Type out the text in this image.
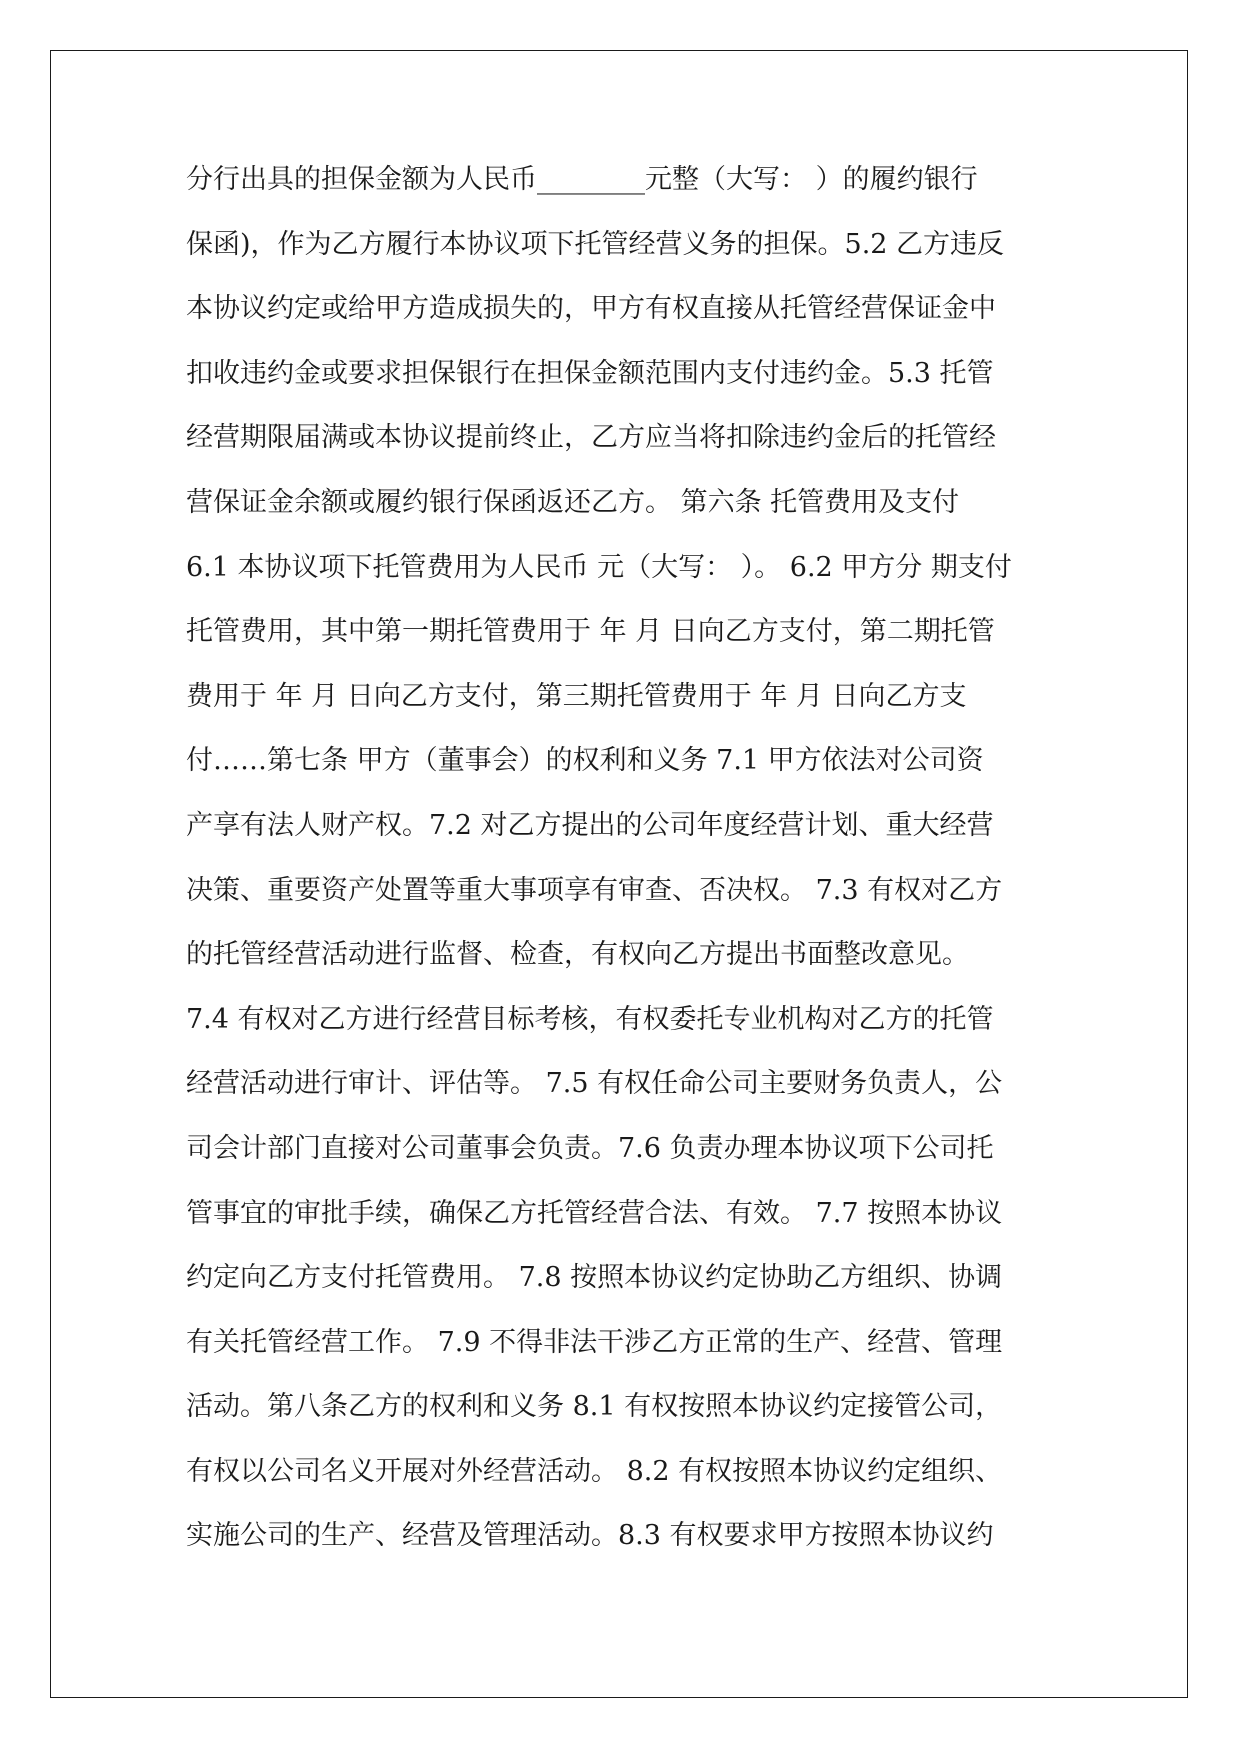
分行出具的担保金额为人民币________元整（大写： ）的履约银行
保函)，作为乙方履行本协议项下托管经营义务的担保。5.2 乙方违反
本协议约定或给甲方造成损失的，甲方有权直接从托管经营保证金中
扣收违约金或要求担保银行在担保金额范围内支付违约金。5.3 托管
经营期限届满或本协议提前终止，乙方应当将扣除违约金后的托管经
营保证金余额或履约银行保函返还乙方。 第六条 托管费用及支付
6.1 本协议项下托管费用为人民币 元（大写： ）。 6.2 甲方分 期支付
托管费用，其中第一期托管费用于 年 月 日向乙方支付，第二期托管
费用于 年 月 日向乙方支付，第三期托管费用于 年 月 日向乙方支
付……第七条 甲方（董事会）的权利和义务 7.1 甲方依法对公司资
产享有法人财产权。7.2 对乙方提出的公司年度经营计划、重大经营
决策、重要资产处置等重大事项享有审查、否决权。 7.3 有权对乙方
的托管经营活动进行监督、检查，有权向乙方提出书面整改意见。
7.4 有权对乙方进行经营目标考核，有权委托专业机构对乙方的托管
经营活动进行审计、评估等。 7.5 有权任命公司主要财务负责人，公
司会计部门直接对公司董事会负责。7.6 负责办理本协议项下公司托
管事宜的审批手续，确保乙方托管经营合法、有效。 7.7 按照本协议
约定向乙方支付托管费用。 7.8 按照本协议约定协助乙方组织、协调
有关托管经营工作。 7.9 不得非法干涉乙方正常的生产、经营、管理
活动。第八条乙方的权利和义务 8.1 有权按照本协议约定接管公司，
有权以公司名义开展对外经营活动。 8.2 有权按照本协议约定组织、
实施公司的生产、经营及管理活动。8.3 有权要求甲方按照本协议约
